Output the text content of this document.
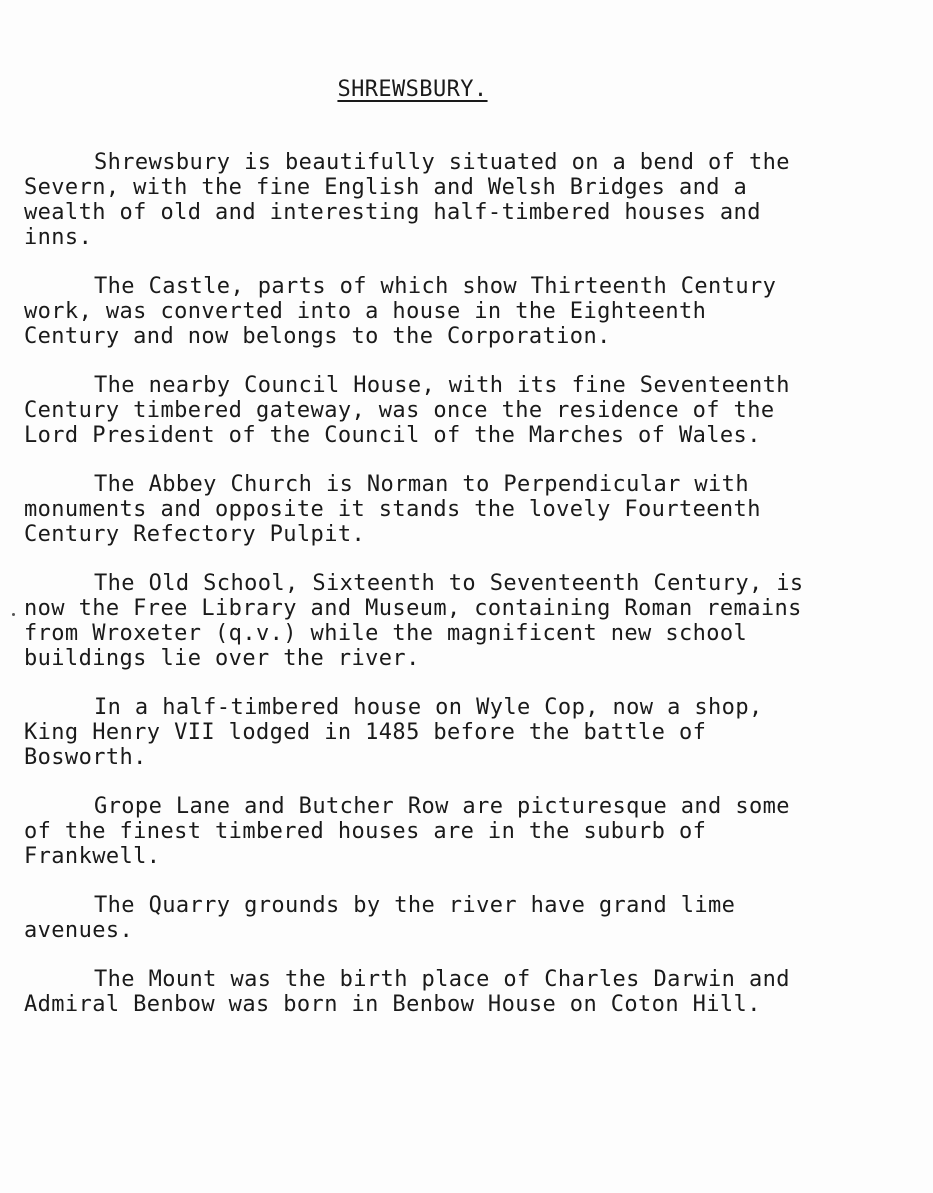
SHREWSBURY.
Shrewsbury is beautifully situated on a bend of the
Severn, with the fine English and Welsh Bridges and a
wealth of old and interesting half-timbered houses and
inns.
The Castle, parts of which show Thirteenth Century
work, was converted into a house in the Eighteenth
Century and now belongs to the Corporation.
The nearby Council House, with its fine Seventeenth
Century timbered gateway, was once the residence of the
Lord President of the Council of the Marches of Wales.
The Abbey Church is Norman to Perpendicular with
monuments and opposite it stands the lovely Fourteenth
Century Refectory Pulpit.
The Old School, Sixteenth to Seventeenth Century, is
now the Free Library and Museum, containing Roman remains
from Wroxeter (q.v.) while the magnificent new school
buildings lie over the river.
In a half-timbered house on Wyle Cop, now a shop,
King Henry VII lodged in 1485 before the battle of
Bosworth.
Grope Lane and Butcher Row are picturesque and some
of the finest timbered houses are in the suburb of
Frankwell.
The Quarry grounds by the river have grand lime
avenues.
The Mount was the birth place of Charles Darwin and
Admiral Benbow was born in Benbow House on Coton Hill.
